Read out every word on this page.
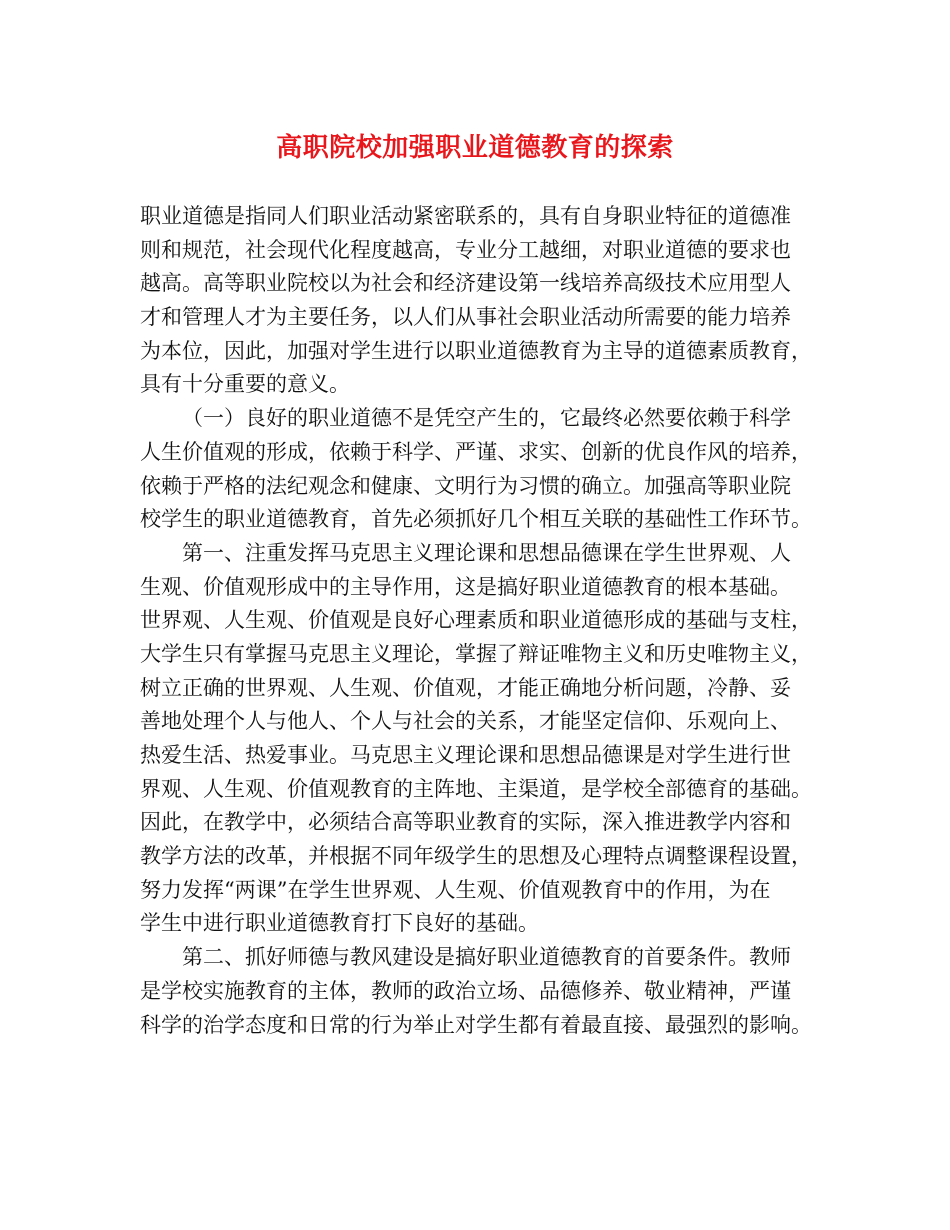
高职院校加强职业道德教育的探索
职业道德是指同人们职业活动紧密联系的，具有自身职业特征的道德准
则和规范，社会现代化程度越高，专业分工越细，对职业道德的要求也
越高。高等职业院校以为社会和经济建设第一线培养高级技术应用型人
才和管理人才为主要任务，以人们从事社会职业活动所需要的能力培养
为本位，因此，加强对学生进行以职业道德教育为主导的道德素质教育，
具有十分重要的意义。
（一）良好的职业道德不是凭空产生的，它最终必然要依赖于科学
人生价值观的形成，依赖于科学、严谨、求实、创新的优良作风的培养，
依赖于严格的法纪观念和健康、文明行为习惯的确立。加强高等职业院
校学生的职业道德教育，首先必须抓好几个相互关联的基础性工作环节。
第一、注重发挥马克思主义理论课和思想品德课在学生世界观、人
生观、价值观形成中的主导作用，这是搞好职业道德教育的根本基础。
世界观、人生观、价值观是良好心理素质和职业道德形成的基础与支柱，
大学生只有掌握马克思主义理论，掌握了辩证唯物主义和历史唯物主义，
树立正确的世界观、人生观、价值观，才能正确地分析问题，冷静、妥
善地处理个人与他人、个人与社会的关系，才能坚定信仰、乐观向上、
热爱生活、热爱事业。马克思主义理论课和思想品德课是对学生进行世
界观、人生观、价值观教育的主阵地、主渠道，是学校全部德育的基础。
因此，在教学中，必须结合高等职业教育的实际，深入推进教学内容和
教学方法的改革，并根据不同年级学生的思想及心理特点调整课程设置，
努力发挥“两课”在学生世界观、人生观、价值观教育中的作用，为在
学生中进行职业道德教育打下良好的基础。
第二、抓好师德与教风建设是搞好职业道德教育的首要条件。教师
是学校实施教育的主体，教师的政治立场、品德修养、敬业精神，严谨
科学的治学态度和日常的行为举止对学生都有着最直接、最强烈的影响。
